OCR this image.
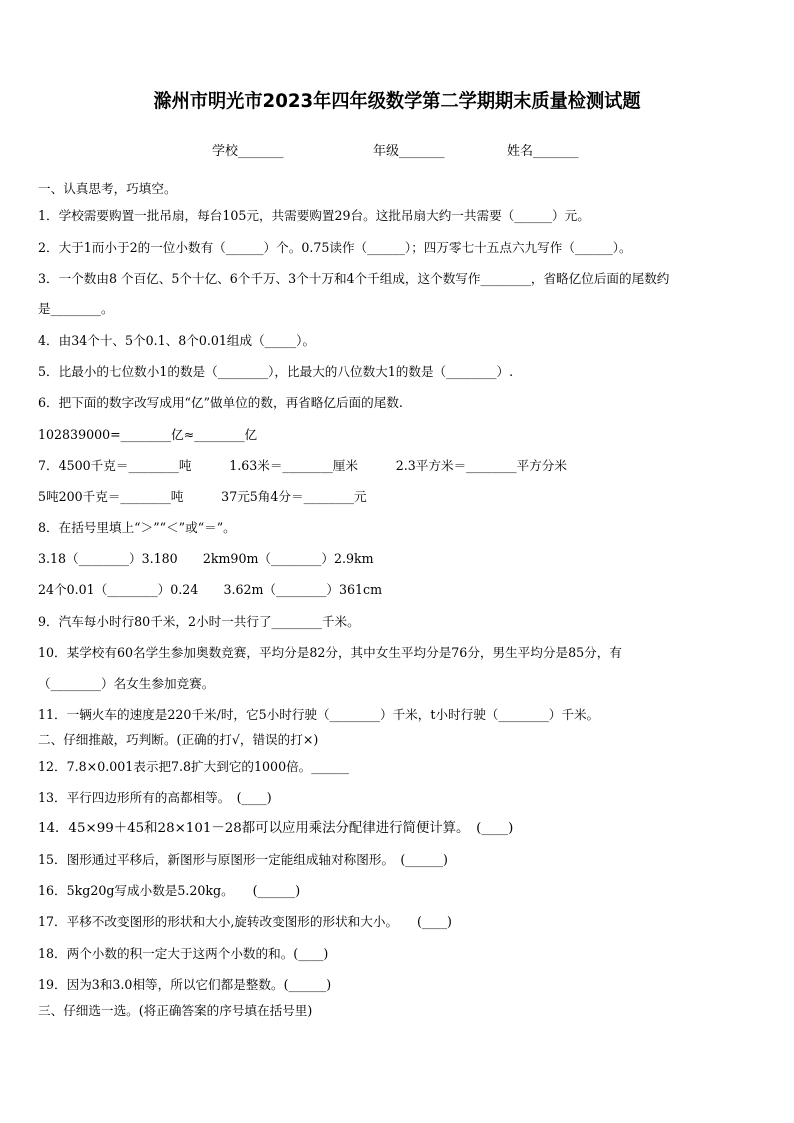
滁州市明光市2023年四年级数学第二学期期末质量检测试题
学校_______	年级_______	姓名_______
一、认真思考，巧填空。
1．学校需要购置一批吊扇，每台105元，共需要购置29台。这批吊扇大约一共需要（______）元。
2．大于1而小于2的一位小数有（______）个。0.75读作（______）；四万零七十五点六九写作（______）。
3．一个数由8 个百亿、5个十亿、6个千万、3个十万和4个千组成，这个数写作________，省略亿位后面的尾数约
是________。
4．由34个十、5个0.1、8个0.01组成（_____）。
5．比最小的七位数小1的数是（________），比最大的八位数大1的数是（________）.
6．把下面的数字改写成用“亿”做单位的数，再省略亿后面的尾数.
102839000=________亿≈________亿
7．4500千克＝________吨　　　1.63米＝________厘米　　　2.3平方米＝________平方分米
5吨200千克＝________吨　　　37元5角4分＝________元
8．在括号里填上“＞”“＜”或“＝”。
3.18（________）3.180　　2km90m（________）2.9km
24个0.01（________）0.24　　3.62m（________）361cm
9．汽车每小时行80千米，2小时一共行了________千米。
10．某学校有60名学生参加奥数竞赛，平均分是82分，其中女生平均分是76分，男生平均分是85分，有
（________）名女生参加竞赛。
11．一辆火车的速度是220千米/时，它5小时行驶（________）千米，t小时行驶（________）千米。
二、仔细推敲，巧判断。(正确的打√，错误的打×)
12．7.8×0.001表示把7.8扩大到它的1000倍。______
13．平行四边形所有的高都相等。　(____)
14．45×99＋45和28×101－28都可以应用乘法分配律进行简便计算。　(____)
15．图形通过平移后，新图形与原图形一定能组成轴对称图形。　(______)
16．5kg20g写成小数是5.20kg。　　(______)
17．平移不改变图形的形状和大小,旋转改变图形的形状和大小。　　(____)
18．两个小数的积一定大于这两个小数的和。(____)
19．因为3和3.0相等，所以它们都是整数。(______)
三、仔细选一选。(将正确答案的序号填在括号里)
